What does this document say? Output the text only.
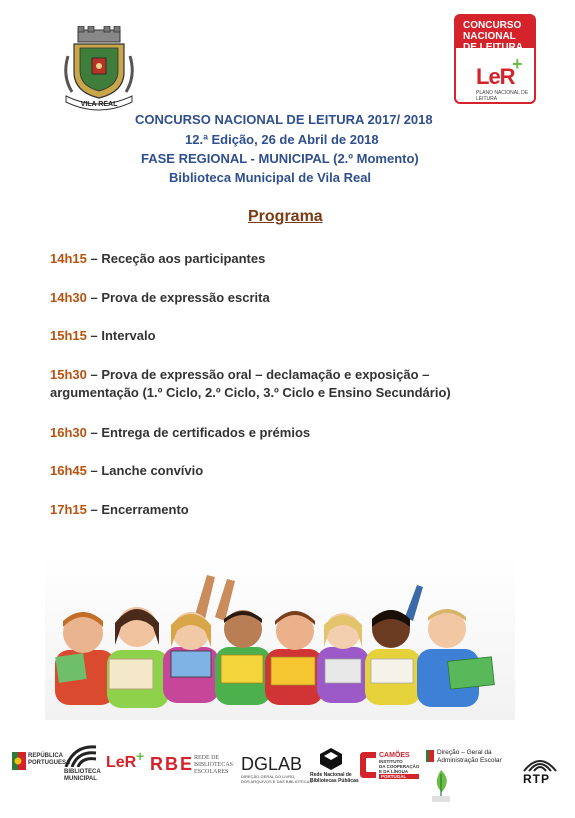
VILA REAL
CONCURSO
NACIONAL
DE LEITURA
LeR
+
PLANO NACIONAL DE LEITURA
CONCURSO NACIONAL DE LEITURA 2017/ 2018
12.ª Edição, 26 de Abril de 2018
FASE REGIONAL - MUNICIPAL (2.º Momento)
Biblioteca Municipal de Vila Real
Programa
14h15 – Receção aos participantes
14h30 – Prova de expressão escrita
15h15 – Intervalo
15h30 – Prova de expressão oral – declamação e exposição –
argumentação (1.º Ciclo, 2.º Ciclo, 3.º Ciclo e Ensino Secundário)
16h30 – Entrega de certificados e prémios
16h45 – Lanche convívio
17h15 – Encerramento
REPÚBLICA
PORTUGUESA
BIBLIOTECA
MUNICIPAL
LeR + RBE REDE DE
BIBLIOTECAS
ESCOLARES DGLAB
DIREÇÃO-GERAL DO LIVRO,
DOS ARQUIVOS E DAS BIBLIOTECAS
Rede Nacional de
Bibliotecas Públicas
CAMÕES
INSTITUTO
DA COOPERAÇÃO
E DA LÍNGUA
PORTUGAL
Direção – Geral da
Administração Escolar
RTP
